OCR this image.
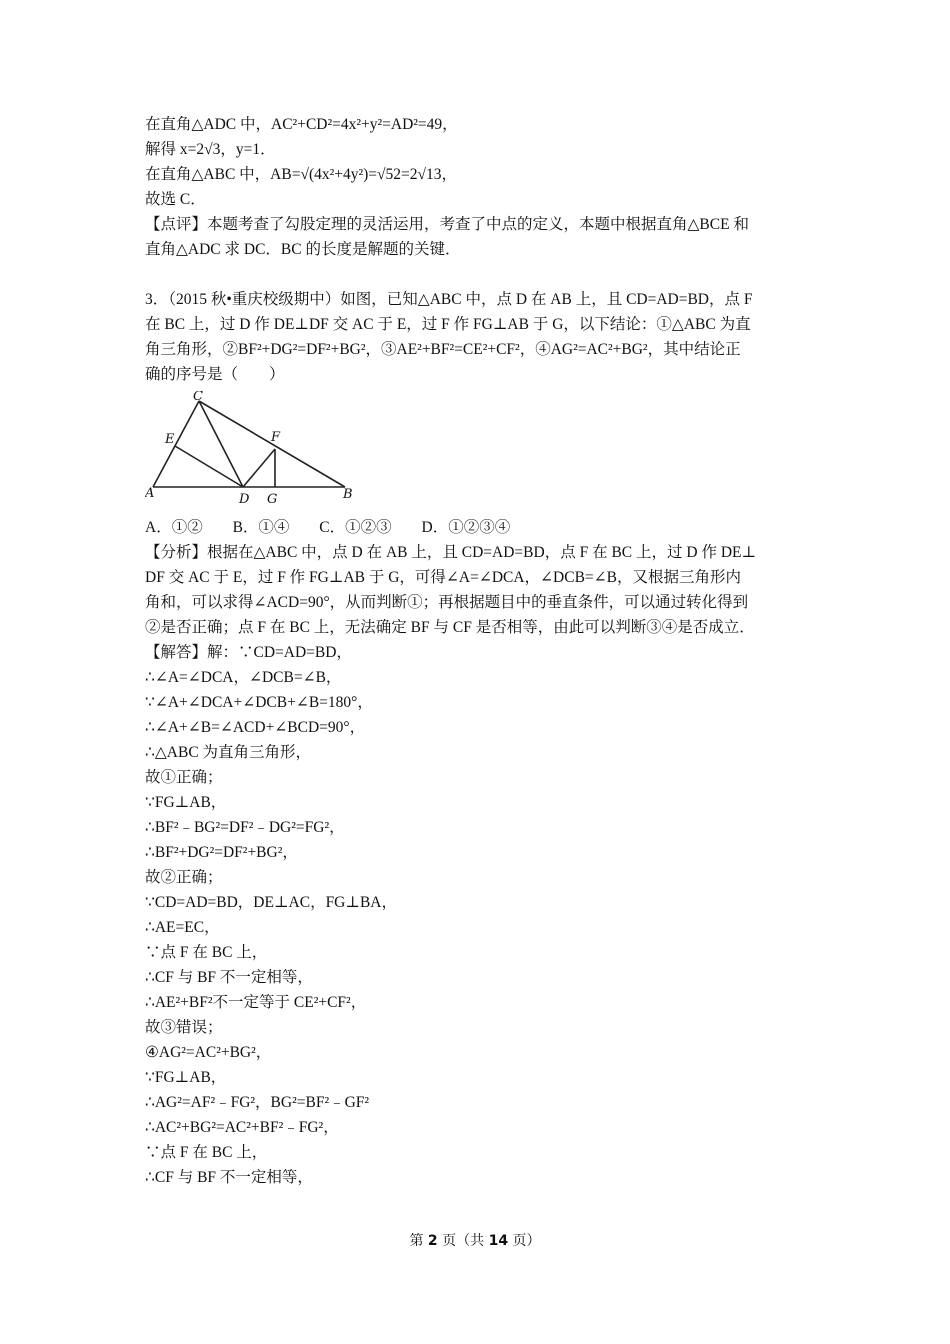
在直角△ADC 中，AC²+CD²=4x²+y²=AD²=49，
解得 x=2√3，y=1．
在直角△ABC 中，AB=√(4x²+4y²)=√52=2√13，
故选 C．
【点评】本题考查了勾股定理的灵活运用，考查了中点的定义，本题中根据直角△BCE 和
直角△ADC 求 DC．BC 的长度是解题的关键．
3．（2015 秋•重庆校级期中）如图，已知△ABC 中，点 D 在 AB 上，且 CD=AD=BD，点 F
在 BC 上，过 D 作 DE⊥DF 交 AC 于 E，过 F 作 FG⊥AB 于 G，以下结论：①△ABC 为直
角三角形，②BF²+DG²=DF²+BG²，③AE²+BF²=CE²+CF²，④AG²=AC²+BG²，其中结论正
确的序号是（　　）
C
E	F
A	D G	B
A．①② B．①④ C．①②③ D．①②③④
【分析】根据在△ABC 中，点 D 在 AB 上，且 CD=AD=BD，点 F 在 BC 上，过 D 作 DE⊥
DF 交 AC 于 E，过 F 作 FG⊥AB 于 G，可得∠A=∠DCA，∠DCB=∠B，又根据三角形内
角和，可以求得∠ACD=90°，从而判断①；再根据题目中的垂直条件，可以通过转化得到
②是否正确；点 F 在 BC 上，无法确定 BF 与 CF 是否相等，由此可以判断③④是否成立．
【解答】解：∵CD=AD=BD，
∴∠A=∠DCA，∠DCB=∠B，
∵∠A+∠DCA+∠DCB+∠B=180°，
∴∠A+∠B=∠ACD+∠BCD=90°，
∴△ABC 为直角三角形，
故①正确；
∵FG⊥AB，
∴BF²﹣BG²=DF²﹣DG²=FG²，
∴BF²+DG²=DF²+BG²，
故②正确；
∵CD=AD=BD，DE⊥AC，FG⊥BA，
∴AE=EC，
∵点 F 在 BC 上，
∴CF 与 BF 不一定相等，
∴AE²+BF²不一定等于 CE²+CF²，
故③错误；
④AG²=AC²+BG²，
∵FG⊥AB，
∴AG²=AF²﹣FG²，BG²=BF²﹣GF²
∴AC²+BG²=AC²+BF²﹣FG²，
∵点 F 在 BC 上，
∴CF 与 BF 不一定相等，
第 2 页（共 14 页）
